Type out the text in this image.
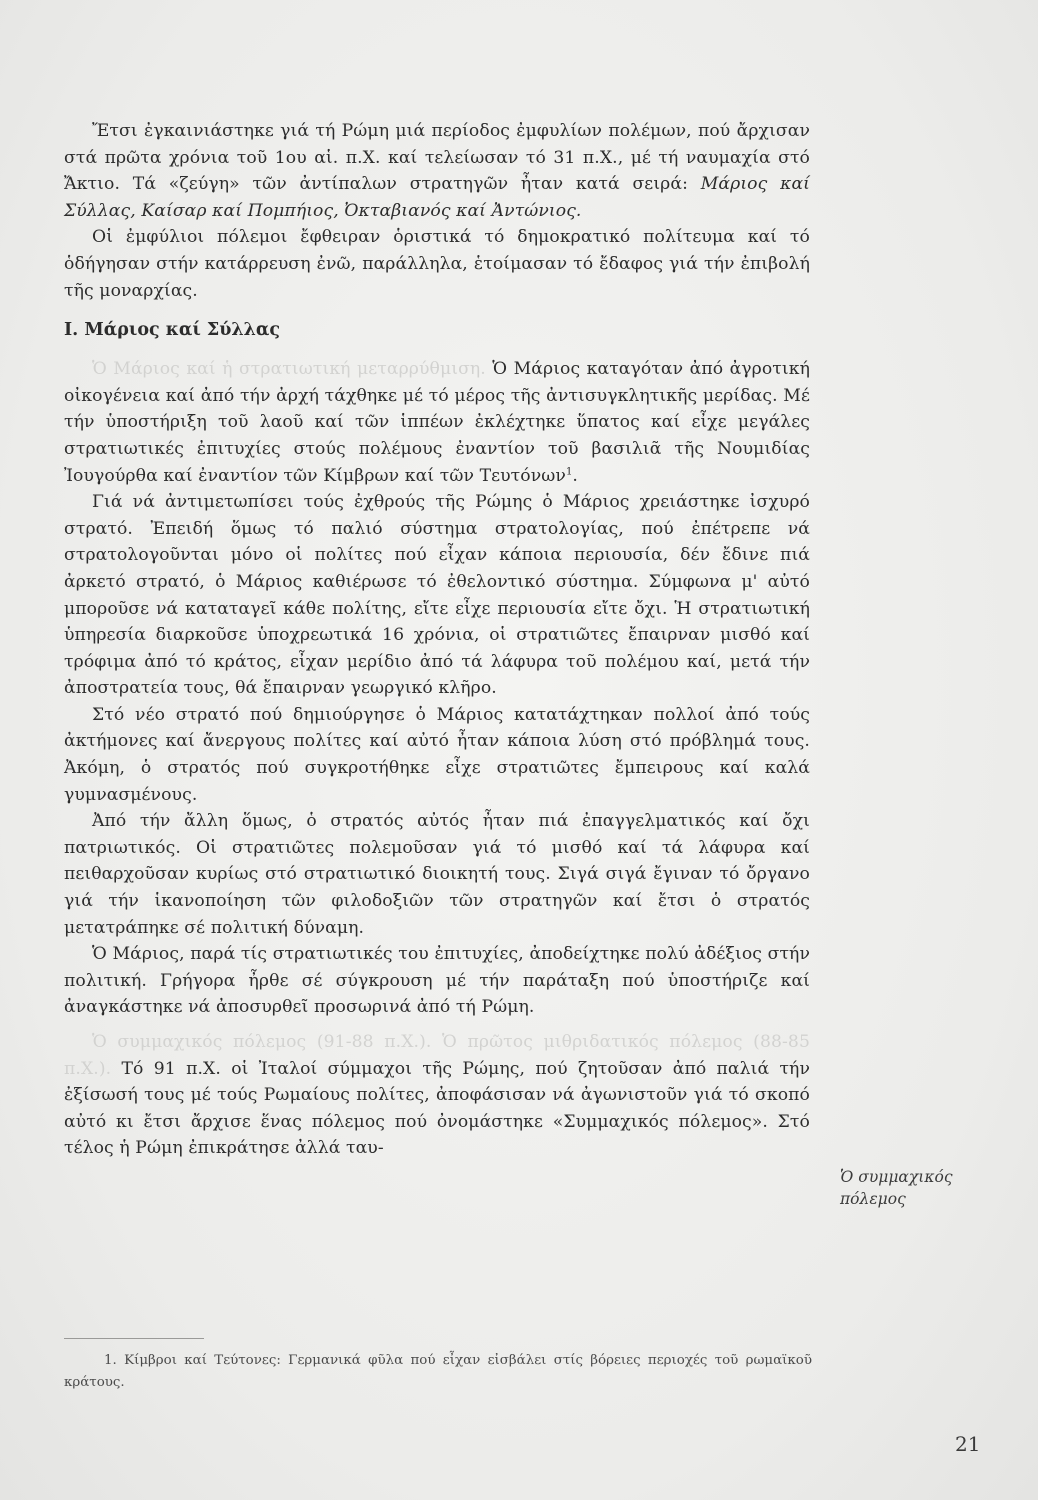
Ἔτσι ἐγκαινιάστηκε γιά τή Ρώμη μιά περίοδος ἐμφυλίων πολέμων, πού ἄρχισαν στά πρῶτα χρόνια τοῦ 1ου αἱ. π.Χ. καί τελείωσαν τό 31 π.Χ., μέ τή ναυμαχία στό Ἄκτιο. Τά «ζεύγη» τῶν ἀντίπαλων στρατηγῶν ἦταν κατά σειρά: Μάριος καί Σύλλας, Καίσαρ καί Πομπήιος, Ὀκταβιανός καί Ἀντώνιος.

Οἱ ἐμφύλιοι πόλεμοι ἔφθειραν ὁριστικά τό δημοκρατικό πολίτευμα καί τό ὁδήγησαν στήν κατάρρευση ἐνῶ, παράλληλα, ἑτοίμασαν τό ἔδαφος γιά τήν ἐπιβολή τῆς μοναρχίας.

I. Μάριος καί Σύλλας

Ὁ Μάριος καί ἡ στρατιωτική μεταρρύθμιση. Ὁ Μάριος καταγόταν ἀπό ἀγροτική οἰκογένεια καί ἀπό τήν ἀρχή τάχθηκε μέ τό μέρος τῆς ἀντισυγκλητικῆς μερίδας. Μέ τήν ὑποστήριξη τοῦ λαοῦ καί τῶν ἱππέων ἐκλέχτηκε ὕπατος καί εἶχε μεγάλες στρατιωτικές ἐπιτυχίες στούς πολέμους ἐναντίον τοῦ βασιλιᾶ τῆς Νουμιδίας Ἰουγούρθα καί ἐναντίον τῶν Κίμβρων καί τῶν Τευτόνων$^1$.

Γιά νά ἀντιμετωπίσει τούς ἐχθρούς τῆς Ρώμης ὁ Μάριος χρειάστηκε ἰσχυρό στρατό. Ἐπειδή ὅμως τό παλιό σύστημα στρατολογίας, πού ἐπέτρεπε νά στρατολογοῦνται μόνο οἱ πολίτες πού εἶχαν κάποια περιουσία, δέν ἔδινε πιά ἀρκετό στρατό, ὁ Μάριος καθιέρωσε τό ἐθελοντικό σύστημα. Σύμφωνα μ' αὐτό μποροῦσε νά καταταγεῖ κάθε πολίτης, εἴτε εἶχε περιουσία εἴτε ὄχι. Ἡ στρατιωτική ὑπηρεσία διαρκοῦσε ὑποχρεωτικά 16 χρόνια, οἱ στρατιῶτες ἔπαιρναν μισθό καί τρόφιμα ἀπό τό κράτος, εἶχαν μερίδιο ἀπό τά λάφυρα τοῦ πολέμου καί, μετά τήν ἀποστρατεία τους, θά ἔπαιρναν γεωργικό κλῆρο.

Στό νέο στρατό πού δημιούργησε ὁ Μάριος κατατάχτηκαν πολλοί ἀπό τούς ἀκτήμονες καί ἄνεργους πολίτες καί αὐτό ἦταν κάποια λύση στό πρόβλημά τους. Ἀκόμη, ὁ στρατός πού συγκροτήθηκε εἶχε στρατιῶτες ἔμπειρους καί καλά γυμνασμένους.

Ἀπό τήν ἄλλη ὅμως, ὁ στρατός αὐτός ἦταν πιά ἐπαγγελματικός καί ὄχι πατριωτικός. Οἱ στρατιῶτες πολεμοῦσαν γιά τό μισθό καί τά λάφυρα καί πειθαρχοῦσαν κυρίως στό στρατιωτικό διοικητή τους. Σιγά σιγά ἔγιναν τό ὄργανο γιά τήν ἱκανοποίηση τῶν φιλοδοξιῶν τῶν στρατηγῶν καί ἔτσι ὁ στρατός μετατράπηκε σέ πολιτική δύναμη.

Ὁ Μάριος, παρά τίς στρατιωτικές του ἐπιτυχίες, ἀποδείχτηκε πολύ ἀδέξιος στήν πολιτική. Γρήγορα ἦρθε σέ σύγκρουση μέ τήν παράταξη πού ὑποστήριζε καί ἀναγκάστηκε νά ἀποσυρθεῖ προσωρινά ἀπό τή Ρώμη.

Ὁ συμμαχικός πόλεμος (91-88 π.Χ.). Ὁ πρῶτος μιθριδατικός πόλεμος (88-85 π.Χ.). Τό 91 π.Χ. οἱ Ἰταλοί σύμμαχοι τῆς Ρώμης, πού ζητοῦσαν ἀπό παλιά τήν ἐξίσωσή τους μέ τούς Ρωμαίους πολίτες, ἀποφάσισαν νά ἀγωνιστοῦν γιά τό σκοπό αὐτό κι ἔτσι ἄρχισε ἕνας πόλεμος πού ὀνομάστηκε «Συμμαχικός πόλεμος». Στό τέλος ἡ Ρώμη ἐπικράτησε ἀλλά ταυ-

Ὁ συμμαχικός
πόλεμος
1. Κίμβροι καί Τεύτονες: Γερμανικά φῦλα πού εἶχαν εἰσβάλει στίς βόρειες περιοχές τοῦ ρωμαϊκοῦ κράτους.
21
